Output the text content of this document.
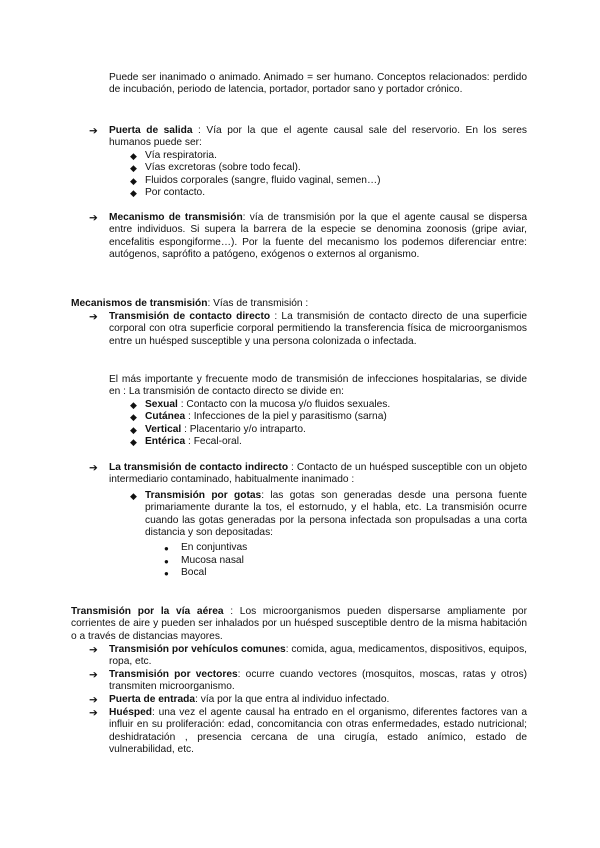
Puede ser inanimado o animado. Animado = ser humano. Conceptos relacionados: perdido de incubación, periodo de latencia, portador, portador sano y portador crónico.

➔ Puerta de salida : Vía por la que el agente causal sale del reservorio. En los seres humanos puede ser:

◆ Vía respiratoria.
◆ Vías excretoras (sobre todo fecal).
◆ Fluidos corporales (sangre, fluido vaginal, semen…)
◆ Por contacto.
➔ Mecanismo de transmisión: vía de transmisión por la que el agente causal se dispersa entre individuos. Si supera la barrera de la especie se denomina zoonosis (gripe aviar, encefalitis espongiforme…). Por la fuente del mecanismo los podemos diferenciar entre: autógenos, saprófito a patógeno, exógenos o externos al organismo.

Mecanismos de transmisión: Vías de transmisión :

➔ Transmisión de contacto directo : La transmisión de contacto directo de una superficie corporal con otra superficie corporal permitiendo la transferencia física de microorganismos entre un huésped susceptible y una persona colonizada o infectada.

El más importante y frecuente modo de transmisión de infecciones hospitalarias, se divide en : La transmisión de contacto directo se divide en:

◆ Sexual : Contacto con la mucosa y/o fluidos sexuales.
◆ Cutánea : Infecciones de la piel y parasitismo (sarna)
◆ Vertical : Placentario y/o intraparto.
◆ Entérica : Fecal-oral.
➔ La transmisión de contacto indirecto : Contacto de un huésped susceptible con un objeto intermediario contaminado, habitualmente inanimado :

◆ Transmisión por gotas: las gotas son generadas desde una persona fuente primariamente durante la tos, el estornudo, y el habla, etc. La transmisión ocurre cuando las gotas generadas por la persona infectada son propulsadas a una corta distancia y son depositadas:

● En conjuntivas
● Mucosa nasal
● Bocal

Transmisión por la vía aérea : Los microorganismos pueden dispersarse ampliamente por corrientes de aire y pueden ser inhalados por un huésped susceptible dentro de la misma habitación o a través de distancias mayores.

➔ Transmisión por vehículos comunes: comida, agua, medicamentos, dispositivos, equipos, ropa, etc.

➔ Transmisión por vectores: ocurre cuando vectores (mosquitos, moscas, ratas y otros) transmiten microorganismo.

➔ Puerta de entrada: vía por la que entra al individuo infectado.

➔ Huésped: una vez el agente causal ha entrado en el organismo, diferentes factores van a influir en su proliferación: edad, concomitancia con otras enfermedades, estado nutricional; deshidratación , presencia cercana de una cirugía, estado anímico, estado de vulnerabilidad, etc.
